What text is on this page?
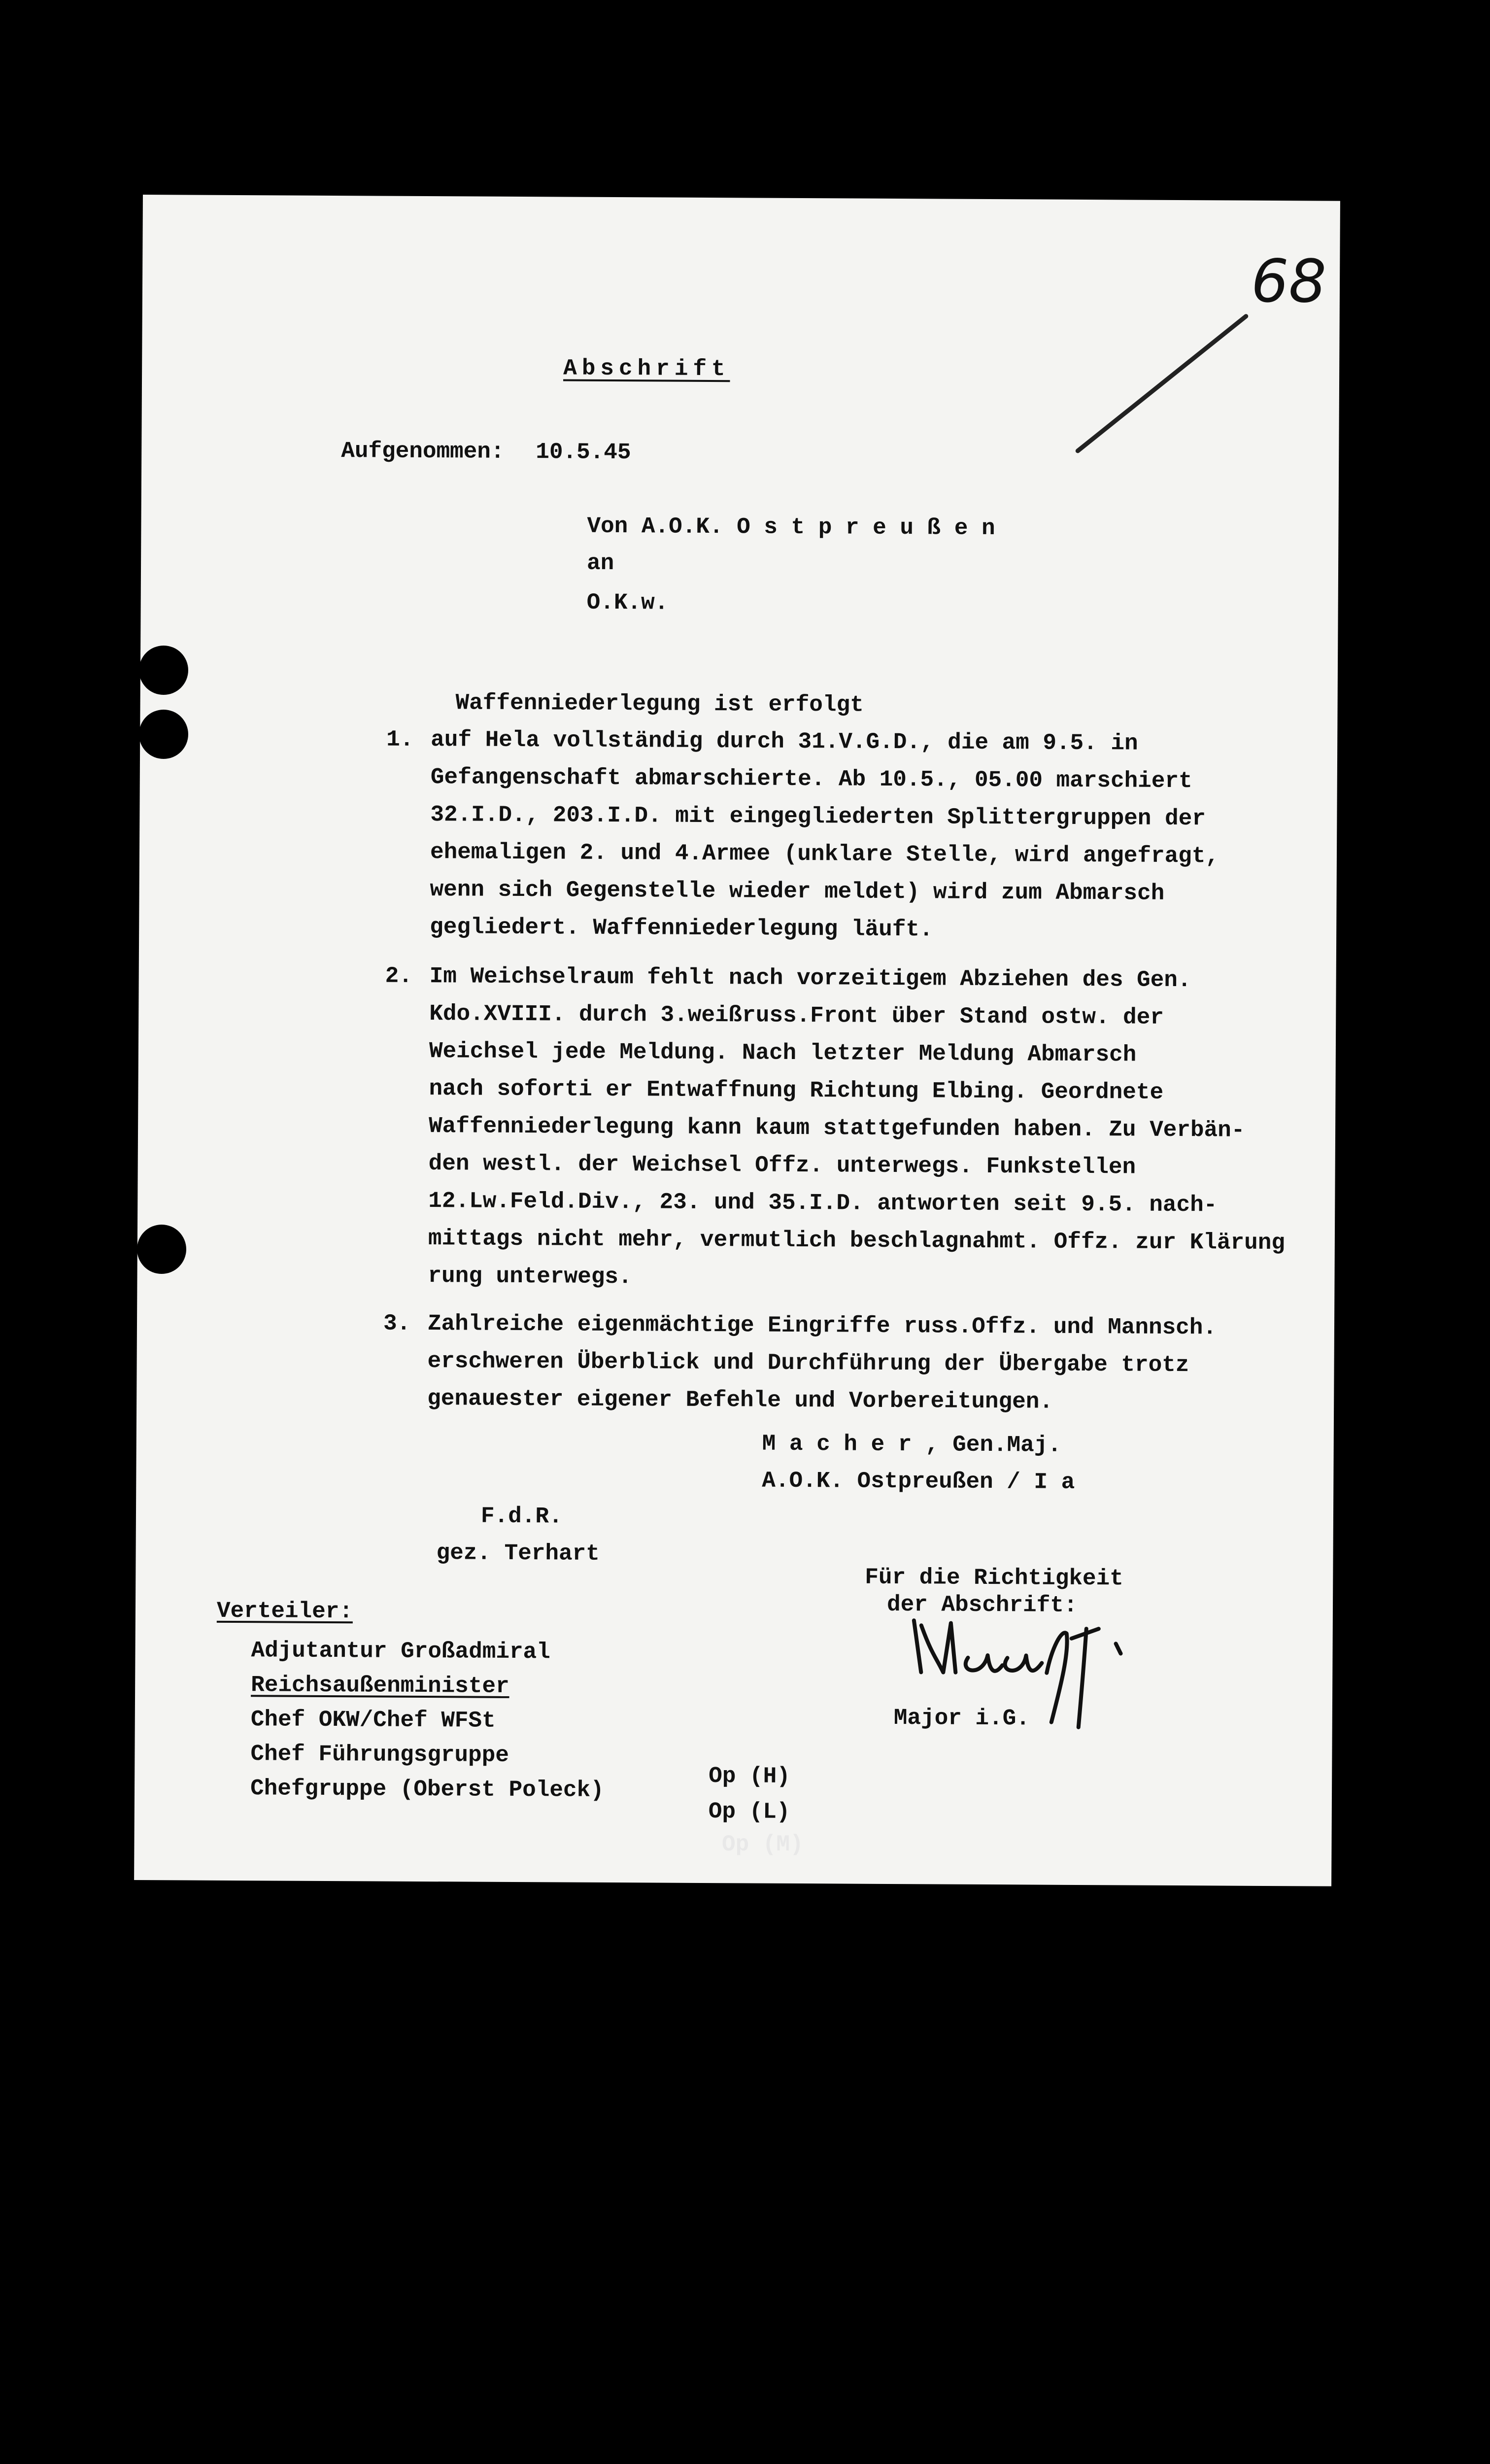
68
Abschrift
Aufgenommen: 10.5.45
Von A.O.K. O s t p r e u ß e n
an
O.K.w.
Waffenniederlegung ist erfolgt
1. auf Hela vollständig durch 31.V.G.D., die am 9.5. in
Gefangenschaft abmarschierte. Ab 10.5., 05.00 marschiert
32.I.D., 203.I.D. mit eingegliederten Splittergruppen der
ehemaligen 2. und 4.Armee (unklare Stelle, wird angefragt,
wenn sich Gegenstelle wieder meldet) wird zum Abmarsch
gegliedert. Waffenniederlegung läuft.
2. Im Weichselraum fehlt nach vorzeitigem Abziehen des Gen.
Kdo.XVIII. durch 3.weißruss.Front über Stand ostw. der
Weichsel jede Meldung. Nach letzter Meldung Abmarsch
nach soforti er Entwaffnung Richtung Elbing. Geordnete
Waffenniederlegung kann kaum stattgefunden haben. Zu Verbän-
den westl. der Weichsel Offz. unterwegs. Funkstellen
12.Lw.Feld.Div., 23. und 35.I.D. antworten seit 9.5. nach-
mittags nicht mehr, vermutlich beschlagnahmt. Offz. zur Klärung
rung unterwegs.
3. Zahlreiche eigenmächtige Eingriffe russ.Offz. und Mannsch.
erschweren Überblick und Durchführung der Übergabe trotz
genauester eigener Befehle und Vorbereitungen.
M a c h e r , Gen.Maj.
A.O.K. Ostpreußen / I a
F.d.R.
gez. Terhart
Für die Richtigkeit
der Abschrift:
Major i.G.
Verteiler:
Adjutantur Großadmiral
Reichsaußenminister
Chef OKW/Chef WFSt
Chef Führungsgruppe
Chefgruppe (Oberst Poleck)	Op (H)
Op (L)
Op (M)
